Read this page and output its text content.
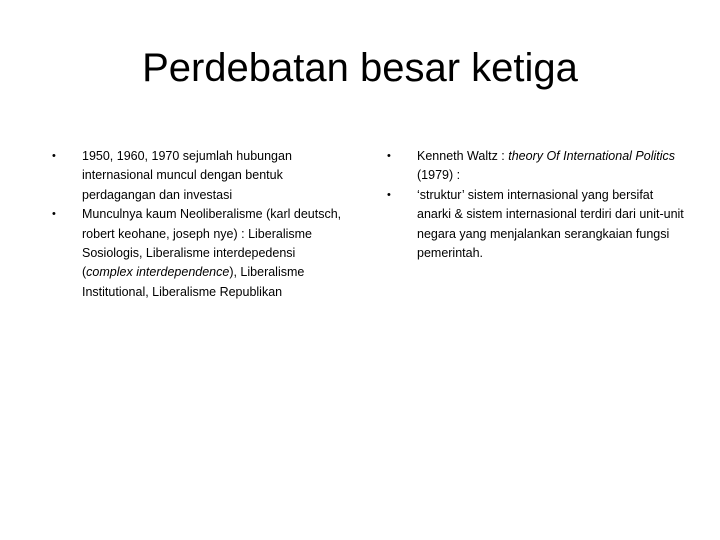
Perdebatan besar ketiga
•	1950, 1960, 1970 sejumlah hubungan internasional muncul dengan bentuk perdagangan dan investasi
•	Munculnya kaum Neoliberalisme (karl deutsch, robert keohane, joseph nye) : Liberalisme Sosiologis, Liberalisme interdepedensi (complex interdependence), Liberalisme Institutional, Liberalisme Republikan
•	Kenneth Waltz : theory Of International Politics (1979) :
•	‘struktur’ sistem internasional yang bersifat anarki & sistem internasional terdiri dari unit-unit negara yang menjalankan serangkaian fungsi pemerintah.
